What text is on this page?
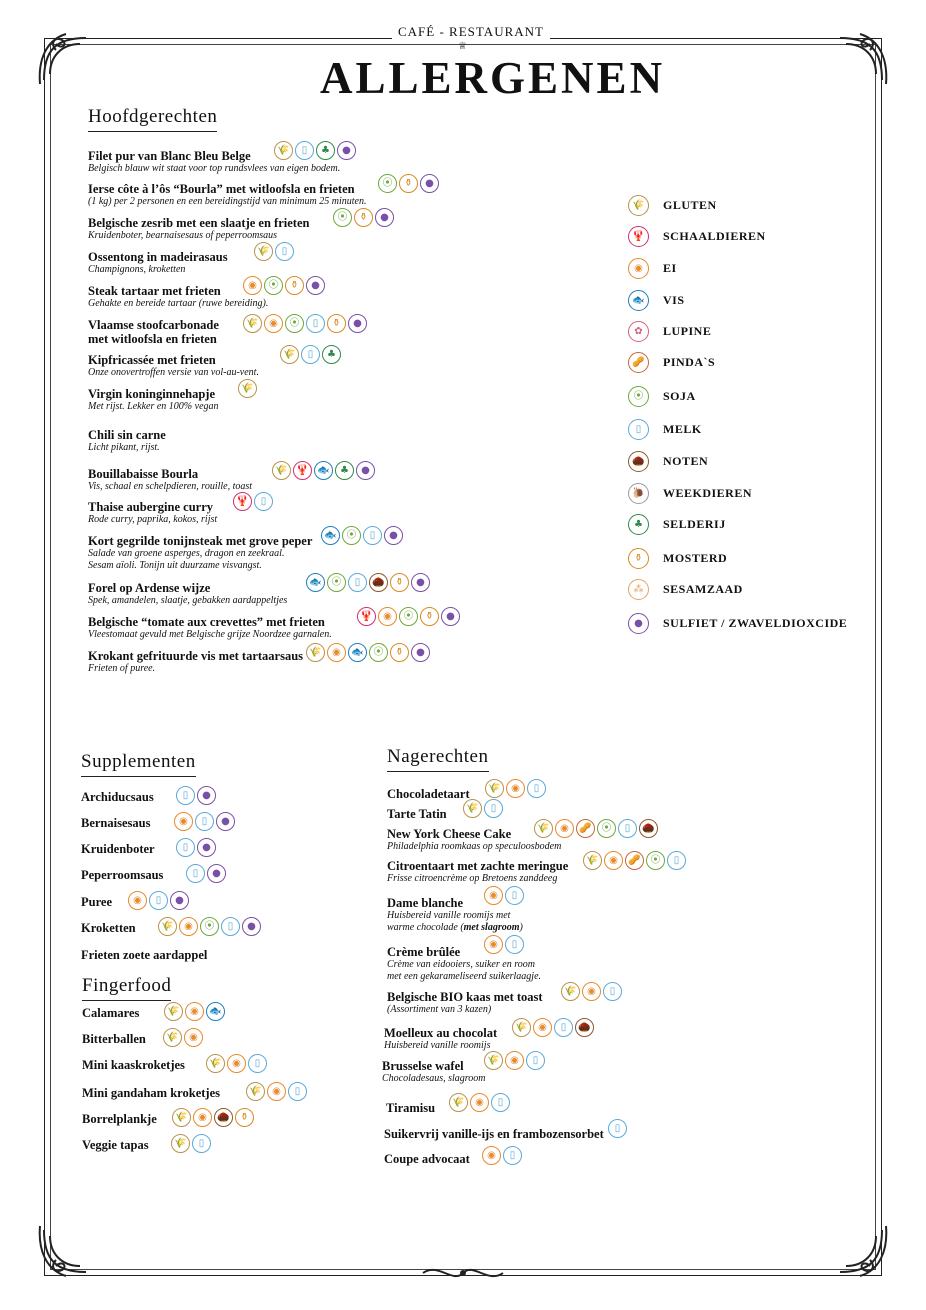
CAFÉ - RESTAURANT
♕
ALLERGENEN
Hoofdgerechten
Filet pur van Blanc Bleu Belge
Belgisch blauw wit staat voor top rundsvlees van eigen bodem.
🌾	▯	♣	●
Ierse côte à l’ôs “Bourla” met witloofsla en frieten
(1 kg) per 2 personen en een bereidingstijd van minimum 25 minuten.
⦿	⚱	●
Belgische zesrib met een slaatje en frieten
Kruidenboter, bearnaisesaus of peperroomsaus
⦿	⚱	●
Ossentong in madeirasaus
Champignons, kroketten
🌾	▯
Steak tartaar met frieten
Gehakte en bereide tartaar (ruwe bereiding).
◉	⦿	⚱	●
Vlaamse stoofcarbonade
met witloofsla en frieten
🌾	◉	⦿	▯	⚱	●
Kipfricassée met frieten
Onze onovertroffen versie van vol-au-vent.
🌾	▯	♣
Virgin koninginnehapje
Met rijst. Lekker en 100% vegan
🌾
Chili sin carne
Licht pikant, rijst.
Bouillabaisse Bourla
Vis, schaal en schelpdieren, rouille, toast
🌾 🦞 🐟	♣	●
Thaise aubergine curry
Rode curry, paprika, kokos, rijst
🦞	▯
Kort gegrilde tonijnsteak met grove peper
Salade van groene asperges, dragon en zeekraal.
Sesam aïoli. Tonijn uit duurzame visvangst.
🐟 ⦿	▯	●
Forel op Ardense wijze
Spek, amandelen, slaatje, gebakken aardappeltjes
🐟 ⦿	▯	🌰	⚱	●
Belgische “tomate aux crevettes” met frieten
Vleestomaat gevuld met Belgische grijze Noordzee garnalen.
🦞	◉	⦿	⚱	●
Krokant gefrituurde vis met tartaarsaus
Frieten of puree.
🌾	◉	🐟 ⦿	⚱	●
🌾	GLUTEN
🦞	SCHAALDIEREN
◉	EI
🐟	VIS
✿	LUPINE
🥜	PINDA`S
⦿	SOJA
▯	MELK
🌰	NOTEN
🐌	WEEKDIEREN
♣	SELDERIJ
⚱	MOSTERD
⁂	SESAMZAAD
●	SULFIET / ZWAVELDIOXCIDE
Supplementen
Archiducsaus	▯	●
Bernaisesaus	◉	▯	●
Kruidenboter	▯	●
Peperroomsaus	▯	●
Puree	◉	▯	●
Kroketten	🌾	◉	⦿	▯	●
Frieten zoete aardappel
Fingerfood
Calamares	🌾	◉	🐟
Bitterballen	🌾	◉
Mini kaaskroketjes	🌾	◉	▯
Mini gandaham kroketjes	🌾	◉	▯
Borrelplankje	🌾	◉	🌰	⚱
Veggie tapas	🌾	▯
Nagerechten
Chocoladetaart	🌾	◉	▯
Tarte Tatin	🌾	▯
New York Cheese Cake
Philadelphia roomkaas op speculoosbodem
🌾	◉	🥜 ⦿	▯	🌰
Citroentaart met zachte meringue
Frisse citroencrème op Bretoens zanddeeg
🌾	◉	🥜 ⦿	▯
Dame blanche
Huisbereid vanille roomijs met
warme chocolade (met slagroom)
◉	▯
Crème brûlée
Crème van eidooiers, suiker en room
met een gekarameliseerd suikerlaagje.
◉	▯
Belgische BIO kaas met toast
(Assortiment van 3 kazen)
🌾	◉	▯
Moelleux au chocolat
Huisbereid vanille roomijs
🌾	◉	▯	🌰
Brusselse wafel
Chocoladesaus, slagroom
🌾	◉	▯
Tiramisu	🌾	◉	▯
Suikervrij vanille-ijs en frambozensorbet	▯
Coupe advocaat	◉	▯
